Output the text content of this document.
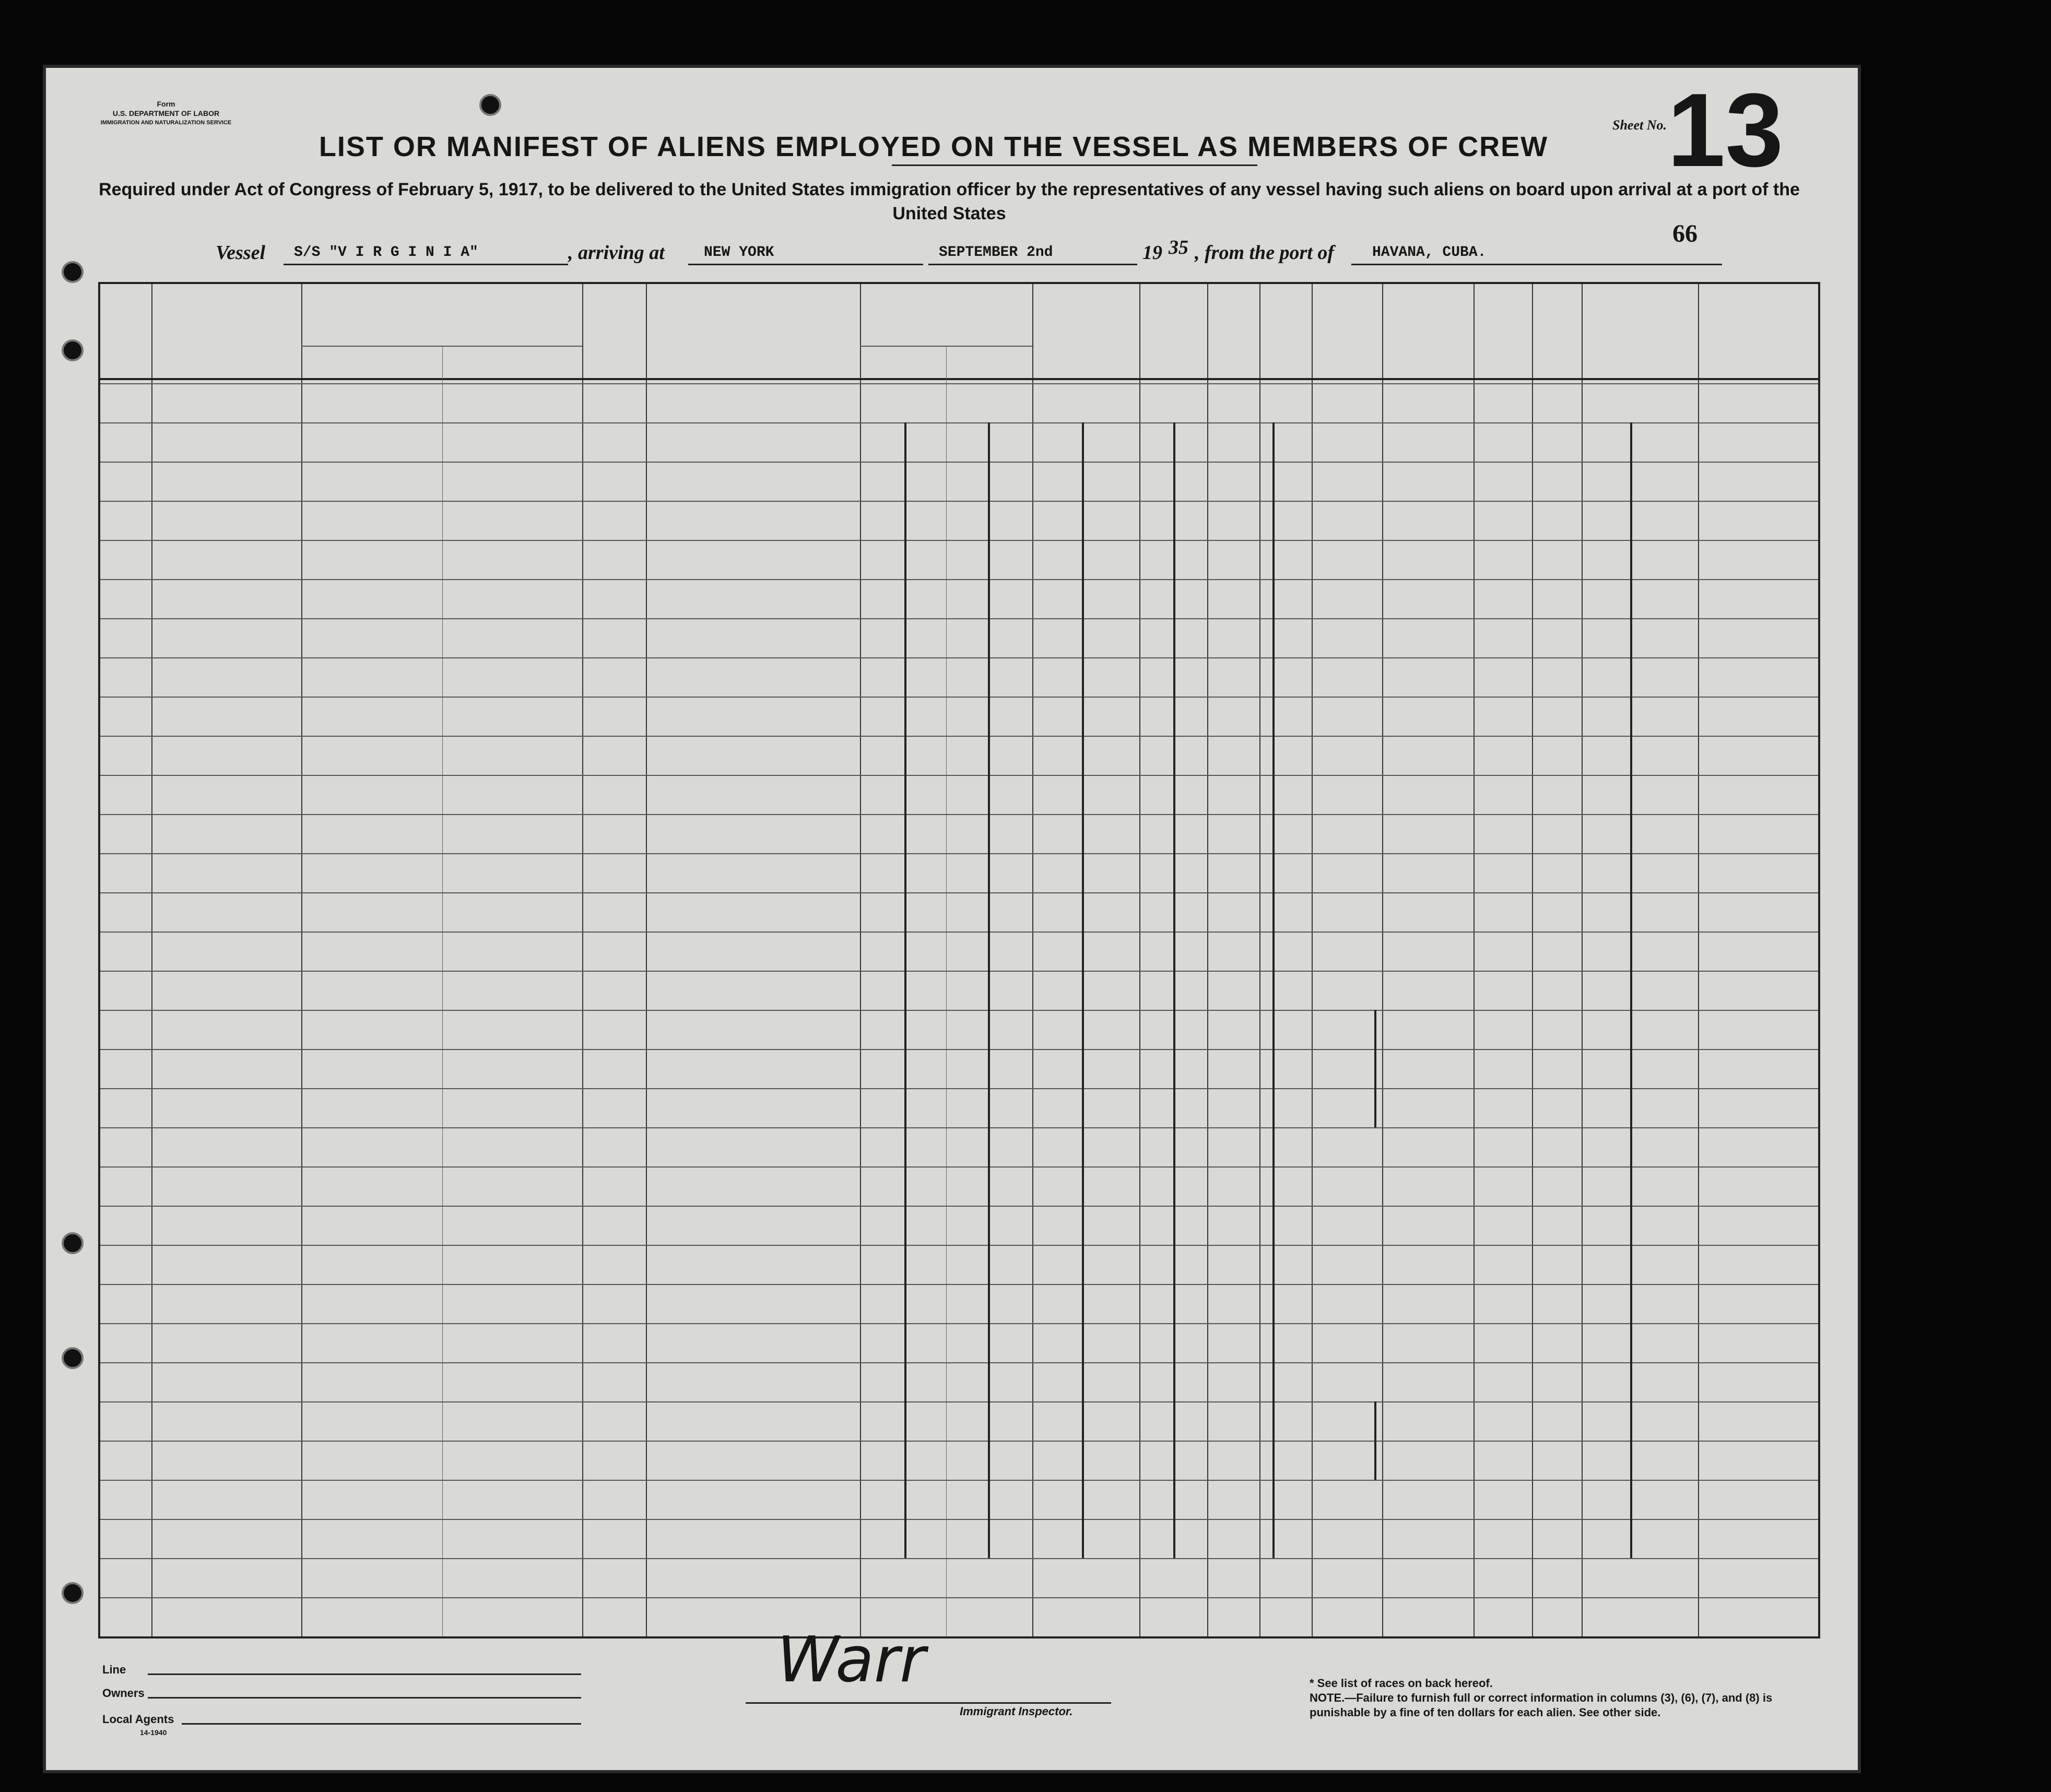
Form
U.S. DEPARTMENT OF LABOR
IMMIGRATION AND NATURALIZATION SERVICE	Sheet No. 13
66
LIST OR MANIFEST OF ALIENS EMPLOYED ON THE VESSEL AS MEMBERS OF CREW
Required under Act of Congress of February 5, 1917, to be delivered to the United States immigration officer by the representatives of any vessel having such aliens on board upon arrival at a port of the United States
Vessel S/S "V I R G I N I A"	, arriving at	NEW YORK	SEPTEMBER 2nd	19 35 , from the port of	HAVANA, CUBA.
Line
Owners
Local Agents
14-1940
Immigrant Inspector.
Warr	* See list of races on back hereof.
NOTE.—Failure to furnish full or correct information in columns (3), (6), (7), and (8) is punishable by a fine of ten dollars for each alien. See other side.
